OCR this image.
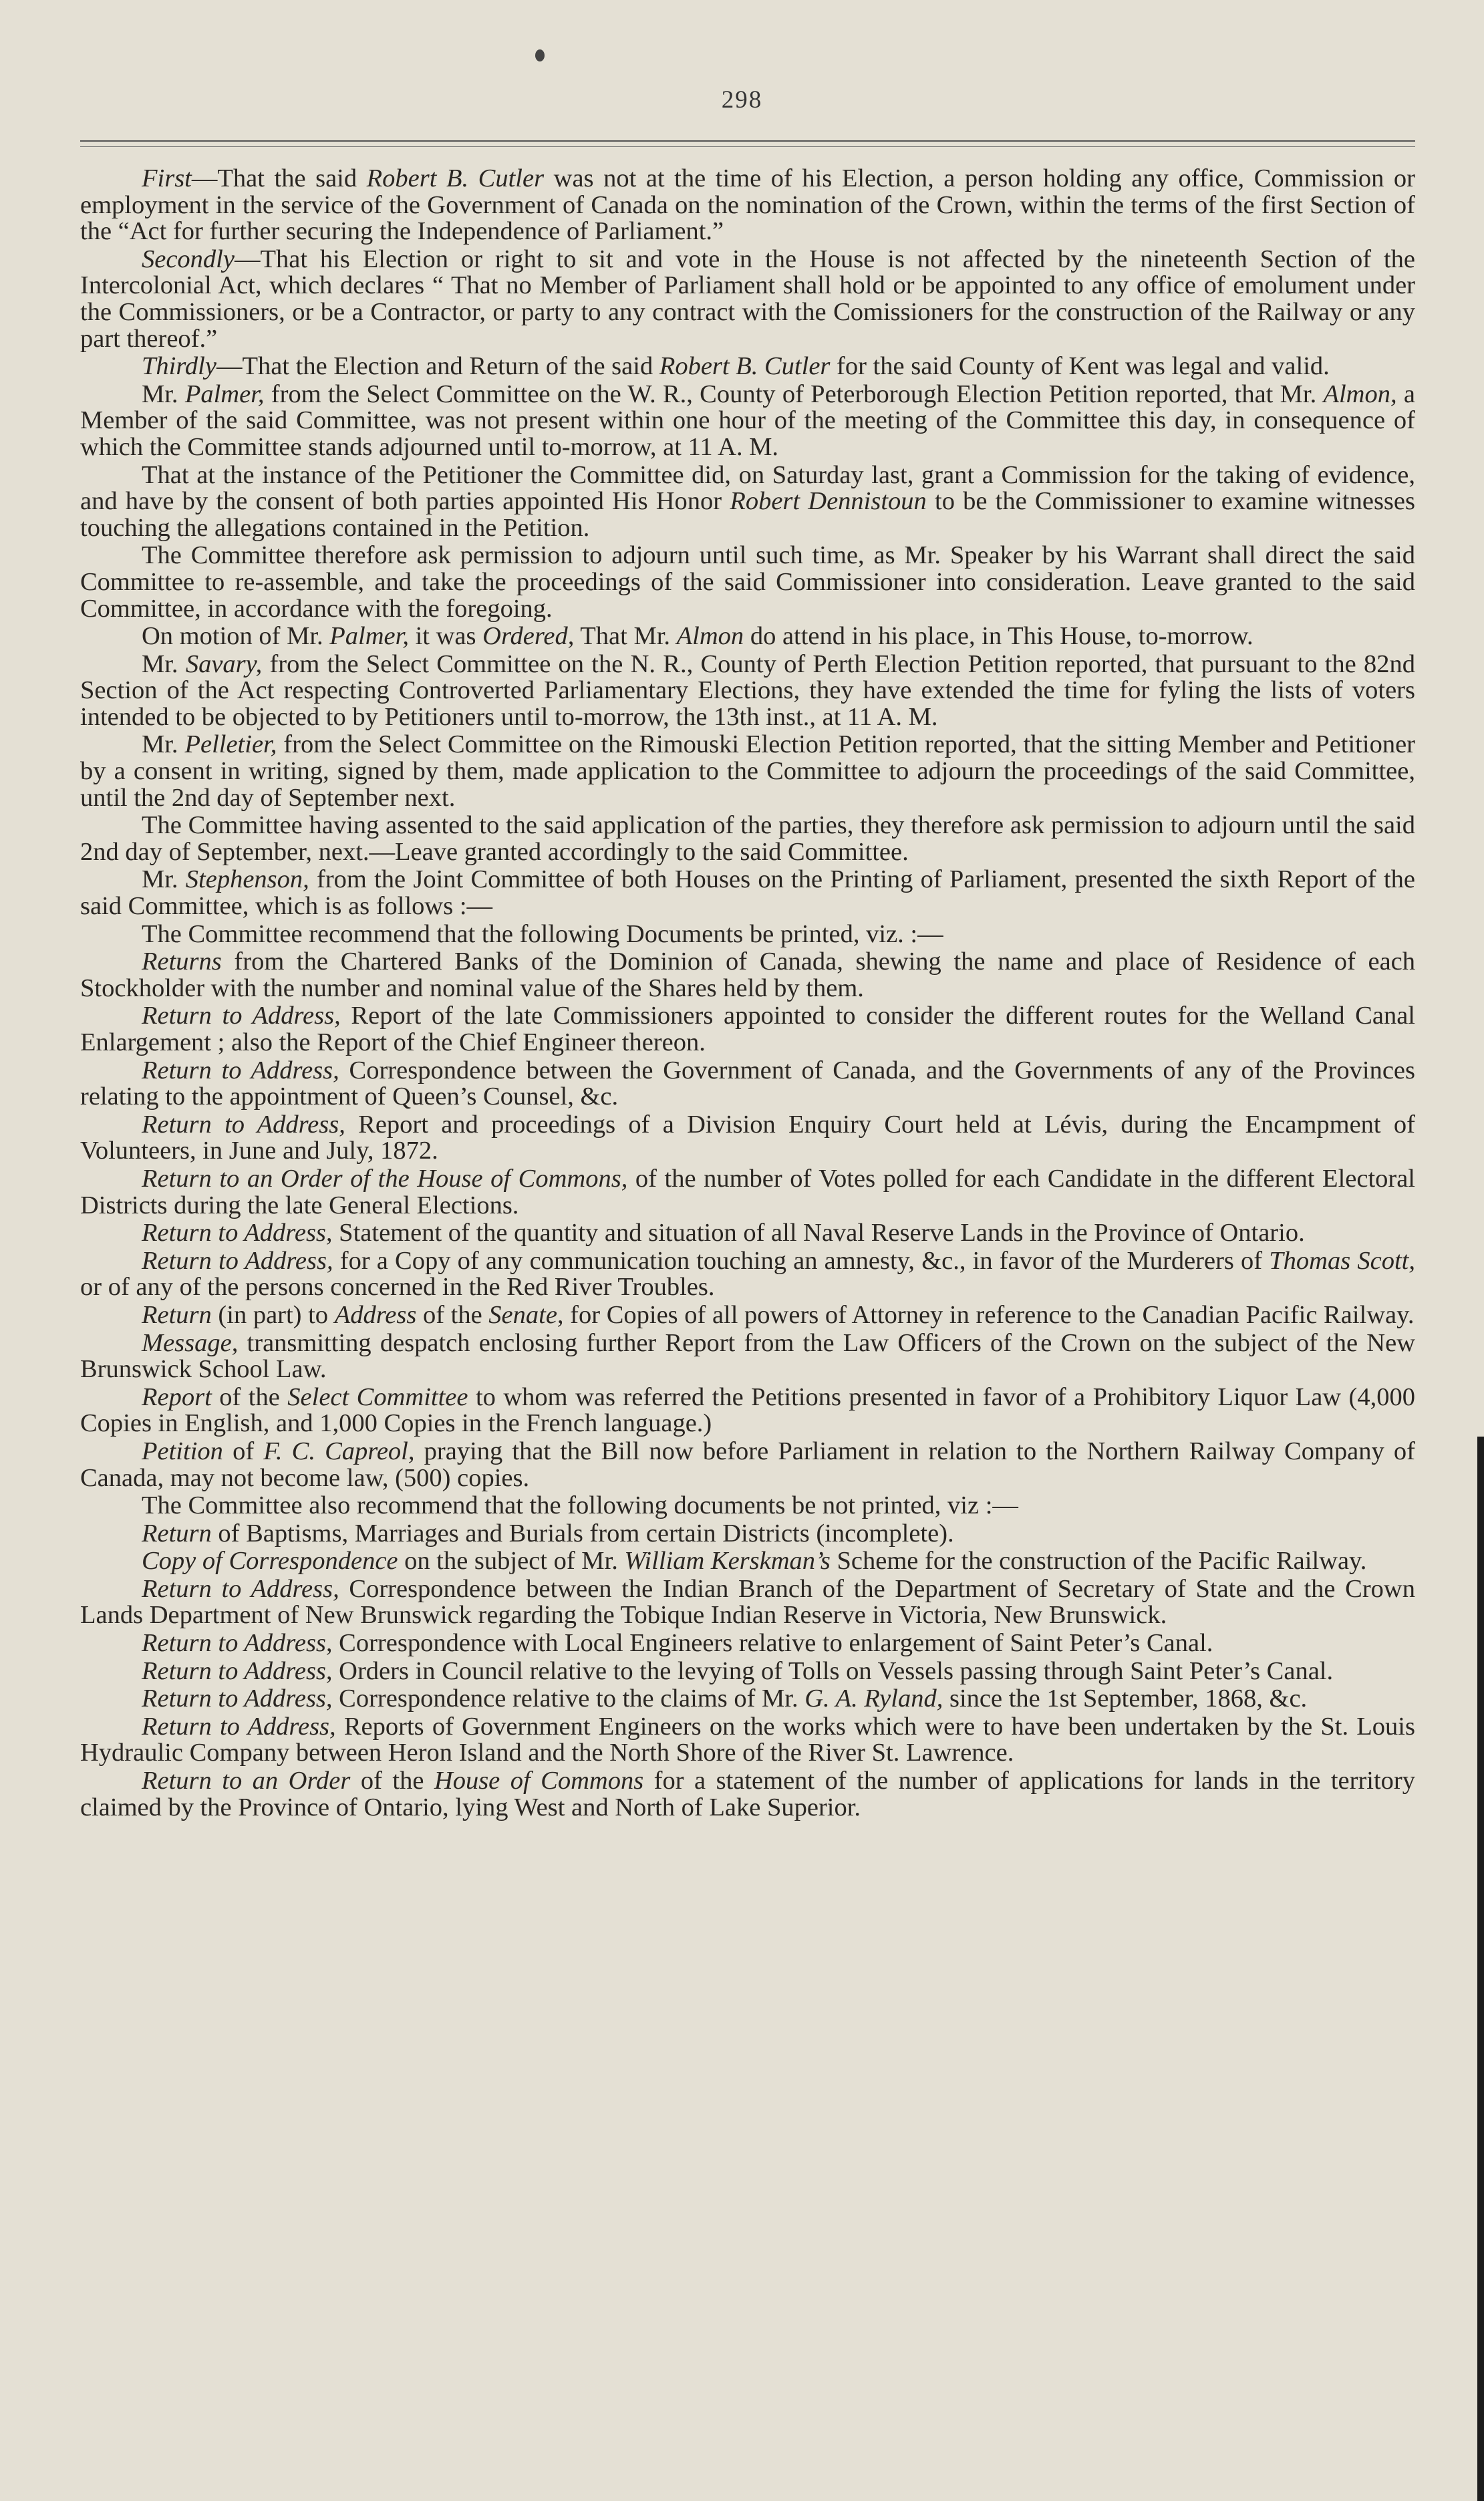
298

First—That the said Robert B. Cutler was not at the time of his Election, a person holding any office, Commission or employment in the service of the Government of Canada on the nomination of the Crown, within the terms of the first Section of the “Act for further securing the Independence of Parliament.”

Secondly—That his Election or right to sit and vote in the House is not affected by the nineteenth Section of the Intercolonial Act, which declares “ That no Member of Parliament shall hold or be appointed to any office of emolument under the Commissioners, or be a Contractor, or party to any contract with the Comissioners for the construction of the Railway or any part thereof.”

Thirdly—That the Election and Return of the said Robert B. Cutler for the said County of Kent was legal and valid.

Mr. Palmer, from the Select Committee on the W. R., County of Peterborough Election Petition reported, that Mr. Almon, a Member of the said Committee, was not present within one hour of the meeting of the Committee this day, in consequence of which the Committee stands adjourned until to-morrow, at 11 A. M.

That at the instance of the Petitioner the Committee did, on Saturday last, grant a Commission for the taking of evidence, and have by the consent of both parties appointed His Honor Robert Dennistoun to be the Commissioner to examine witnesses touching the allegations contained in the Petition.

The Committee therefore ask permission to adjourn until such time, as Mr. Speaker by his Warrant shall direct the said Committee to re-assemble, and take the proceedings of the said Commissioner into consideration. Leave granted to the said Committee, in accordance with the foregoing.

On motion of Mr. Palmer, it was Ordered, That Mr. Almon do attend in his place, in This House, to-morrow.

Mr. Savary, from the Select Committee on the N. R., County of Perth Election Petition reported, that pursuant to the 82nd Section of the Act respecting Controverted Parliamentary Elections, they have extended the time for fyling the lists of voters intended to be objected to by Petitioners until to-morrow, the 13th inst., at 11 A. M.

Mr. Pelletier, from the Select Committee on the Rimouski Election Petition reported, that the sitting Member and Petitioner by a consent in writing, signed by them, made application to the Committee to adjourn the proceedings of the said Committee, until the 2nd day of September next.

The Committee having assented to the said application of the parties, they therefore ask permission to adjourn until the said 2nd day of September, next.—Leave granted accordingly to the said Committee.

Mr. Stephenson, from the Joint Committee of both Houses on the Printing of Parliament, presented the sixth Report of the said Committee, which is as follows :—

The Committee recommend that the following Documents be printed, viz. :—

Returns from the Chartered Banks of the Dominion of Canada, shewing the name and place of Residence of each Stockholder with the number and nominal value of the Shares held by them.

Return to Address, Report of the late Commissioners appointed to consider the different routes for the Welland Canal Enlargement ; also the Report of the Chief Engineer thereon.

Return to Address, Correspondence between the Government of Canada, and the Governments of any of the Provinces relating to the appointment of Queen’s Counsel, &c.

Return to Address, Report and proceedings of a Division Enquiry Court held at Lévis, during the Encampment of Volunteers, in June and July, 1872.

Return to an Order of the House of Commons, of the number of Votes polled for each Candidate in the different Electoral Districts during the late General Elections.

Return to Address, Statement of the quantity and situation of all Naval Reserve Lands in the Province of Ontario.

Return to Address, for a Copy of any communication touching an amnesty, &c., in favor of the Murderers of Thomas Scott, or of any of the persons concerned in the Red River Troubles.

Return (in part) to Address of the Senate, for Copies of all powers of Attorney in reference to the Canadian Pacific Railway.

Message, transmitting despatch enclosing further Report from the Law Officers of the Crown on the subject of the New Brunswick School Law.

Report of the Select Committee to whom was referred the Petitions presented in favor of a Prohibitory Liquor Law (4,000 Copies in English, and 1,000 Copies in the French language.)

Petition of F. C. Capreol, praying that the Bill now before Parliament in relation to the Northern Railway Company of Canada, may not become law, (500) copies.

The Committee also recommend that the following documents be not printed, viz :—

Return of Baptisms, Marriages and Burials from certain Districts (incomplete).

Copy of Correspondence on the subject of Mr. William Kerskman’s Scheme for the construction of the Pacific Railway.

Return to Address, Correspondence between the Indian Branch of the Department of Secretary of State and the Crown Lands Department of New Brunswick regarding the Tobique Indian Reserve in Victoria, New Brunswick.

Return to Address, Correspondence with Local Engineers relative to enlargement of Saint Peter’s Canal.

Return to Address, Orders in Council relative to the levying of Tolls on Vessels passing through Saint Peter’s Canal.

Return to Address, Correspondence relative to the claims of Mr. G. A. Ryland, since the 1st September, 1868, &c.

Return to Address, Reports of Government Engineers on the works which were to have been undertaken by the St. Louis Hydraulic Company between Heron Island and the North Shore of the River St. Lawrence.

Return to an Order of the House of Commons for a statement of the number of applications for lands in the territory claimed by the Province of Ontario, lying West and North of Lake Superior.
